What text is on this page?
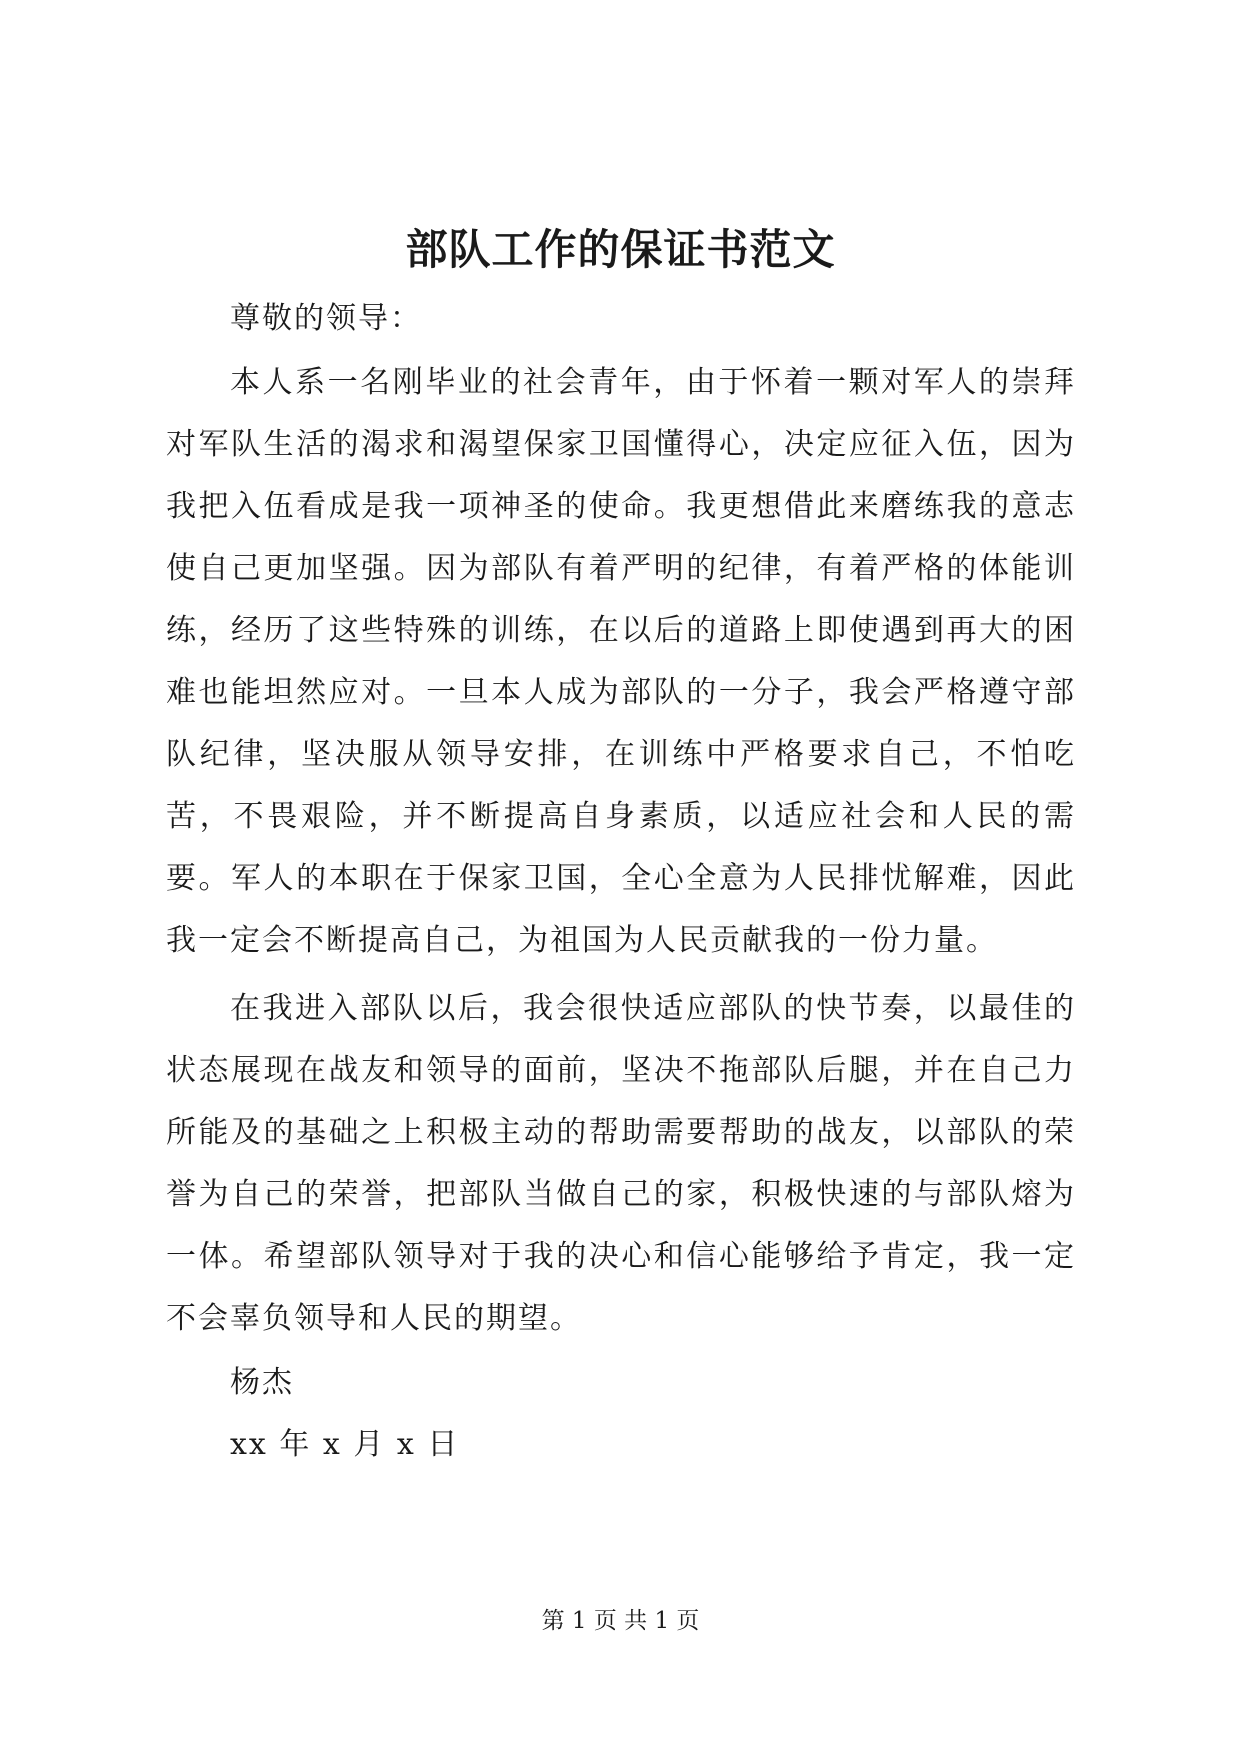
部队工作的保证书范文
尊敬的领导：
本人系一名刚毕业的社会青年，由于怀着一颗对军人的崇拜对军队生活的渴求和渴望保家卫国懂得心，决定应征入伍，因为我把入伍看成是我一项神圣的使命。我更想借此来磨练我的意志使自己更加坚强。因为部队有着严明的纪律，有着严格的体能训练，经历了这些特殊的训练，在以后的道路上即使遇到再大的困难也能坦然应对。一旦本人成为部队的一分子，我会严格遵守部队纪律，坚决服从领导安排，在训练中严格要求自己，不怕吃苦，不畏艰险，并不断提高自身素质，以适应社会和人民的需要。军人的本职在于保家卫国，全心全意为人民排忧解难，因此我一定会不断提高自己，为祖国为人民贡献我的一份力量。
在我进入部队以后，我会很快适应部队的快节奏，以最佳的状态展现在战友和领导的面前，坚决不拖部队后腿，并在自己力所能及的基础之上积极主动的帮助需要帮助的战友，以部队的荣誉为自己的荣誉，把部队当做自己的家，积极快速的与部队熔为一体。希望部队领导对于我的决心和信心能够给予肯定，我一定不会辜负领导和人民的期望。
杨杰
xx 年 x 月 x 日
第 1 页 共 1 页
